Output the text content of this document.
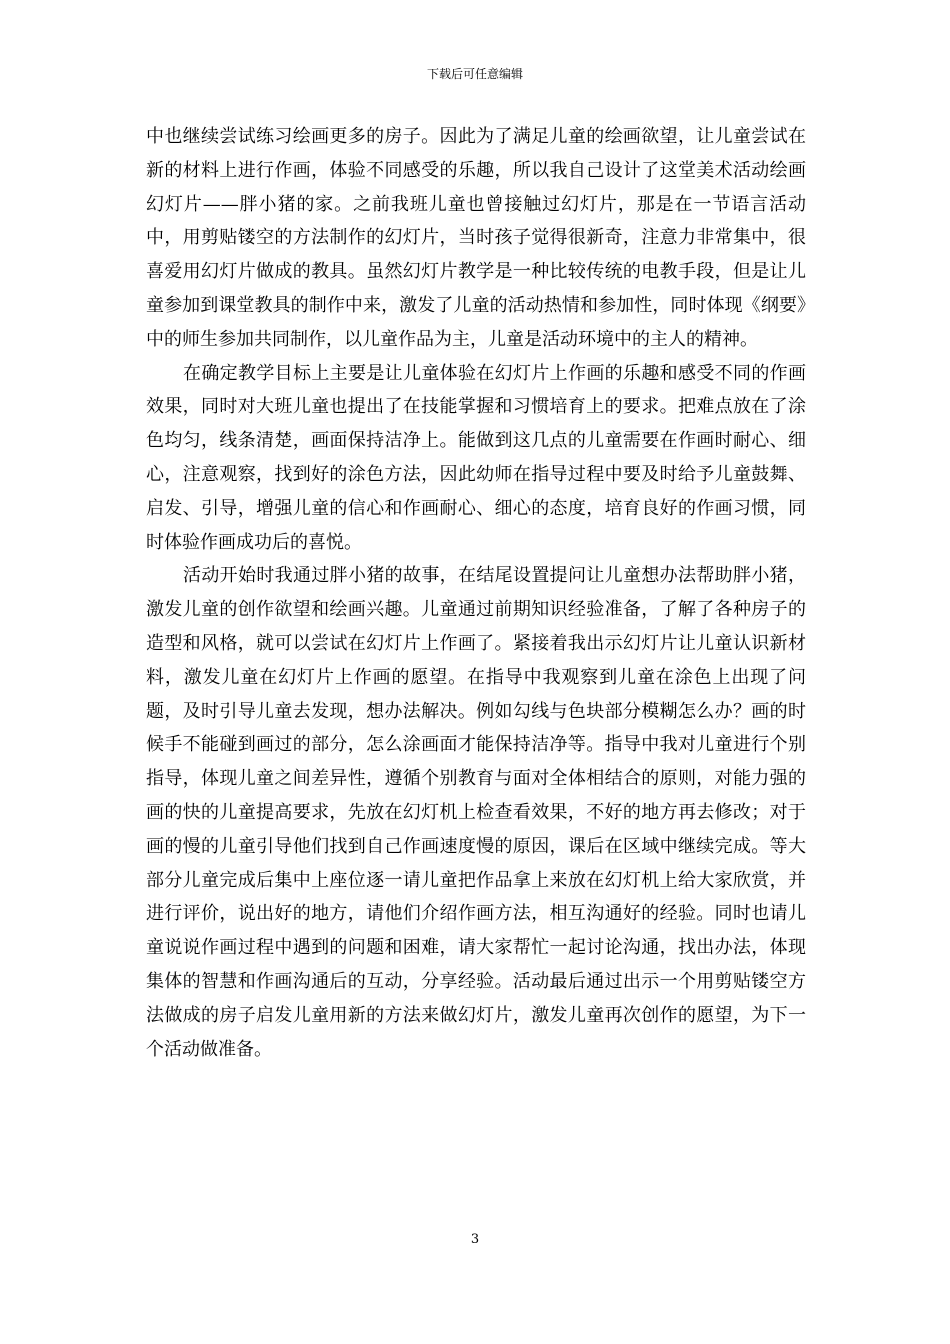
下载后可任意编辑

中也继续尝试练习绘画更多的房子。因此为了满足儿童的绘画欲望，让儿童尝试在新的材料上进行作画，体验不同感受的乐趣，所以我自己设计了这堂美术活动绘画幻灯片——胖小猪的家。之前我班儿童也曾接触过幻灯片，那是在一节语言活动中，用剪贴镂空的方法制作的幻灯片，当时孩子觉得很新奇，注意力非常集中，很喜爱用幻灯片做成的教具。虽然幻灯片教学是一种比较传统的电教手段，但是让儿童参加到课堂教具的制作中来，激发了儿童的活动热情和参加性，同时体现《纲要》中的师生参加共同制作，以儿童作品为主，儿童是活动环境中的主人的精神。

在确定教学目标上主要是让儿童体验在幻灯片上作画的乐趣和感受不同的作画效果，同时对大班儿童也提出了在技能掌握和习惯培育上的要求。把难点放在了涂色均匀，线条清楚，画面保持洁净上。能做到这几点的儿童需要在作画时耐心、细心，注意观察，找到好的涂色方法，因此幼师在指导过程中要及时给予儿童鼓舞、启发、引导，增强儿童的信心和作画耐心、细心的态度，培育良好的作画习惯，同时体验作画成功后的喜悦。

活动开始时我通过胖小猪的故事，在结尾设置提问让儿童想办法帮助胖小猪，激发儿童的创作欲望和绘画兴趣。儿童通过前期知识经验准备，了解了各种房子的造型和风格，就可以尝试在幻灯片上作画了。紧接着我出示幻灯片让儿童认识新材料，激发儿童在幻灯片上作画的愿望。在指导中我观察到儿童在涂色上出现了问题，及时引导儿童去发现，想办法解决。例如勾线与色块部分模糊怎么办？画的时候手不能碰到画过的部分，怎么涂画面才能保持洁净等。指导中我对儿童进行个别指导，体现儿童之间差异性，遵循个别教育与面对全体相结合的原则，对能力强的画的快的儿童提高要求，先放在幻灯机上检查看效果，不好的地方再去修改；对于画的慢的儿童引导他们找到自己作画速度慢的原因，课后在区域中继续完成。等大部分儿童完成后集中上座位逐一请儿童把作品拿上来放在幻灯机上给大家欣赏，并进行评价，说出好的地方，请他们介绍作画方法，相互沟通好的经验。同时也请儿童说说作画过程中遇到的问题和困难，请大家帮忙一起讨论沟通，找出办法，体现集体的智慧和作画沟通后的互动，分享经验。活动最后通过出示一个用剪贴镂空方法做成的房子启发儿童用新的方法来做幻灯片，激发儿童再次创作的愿望，为下一个活动做准备。

3
